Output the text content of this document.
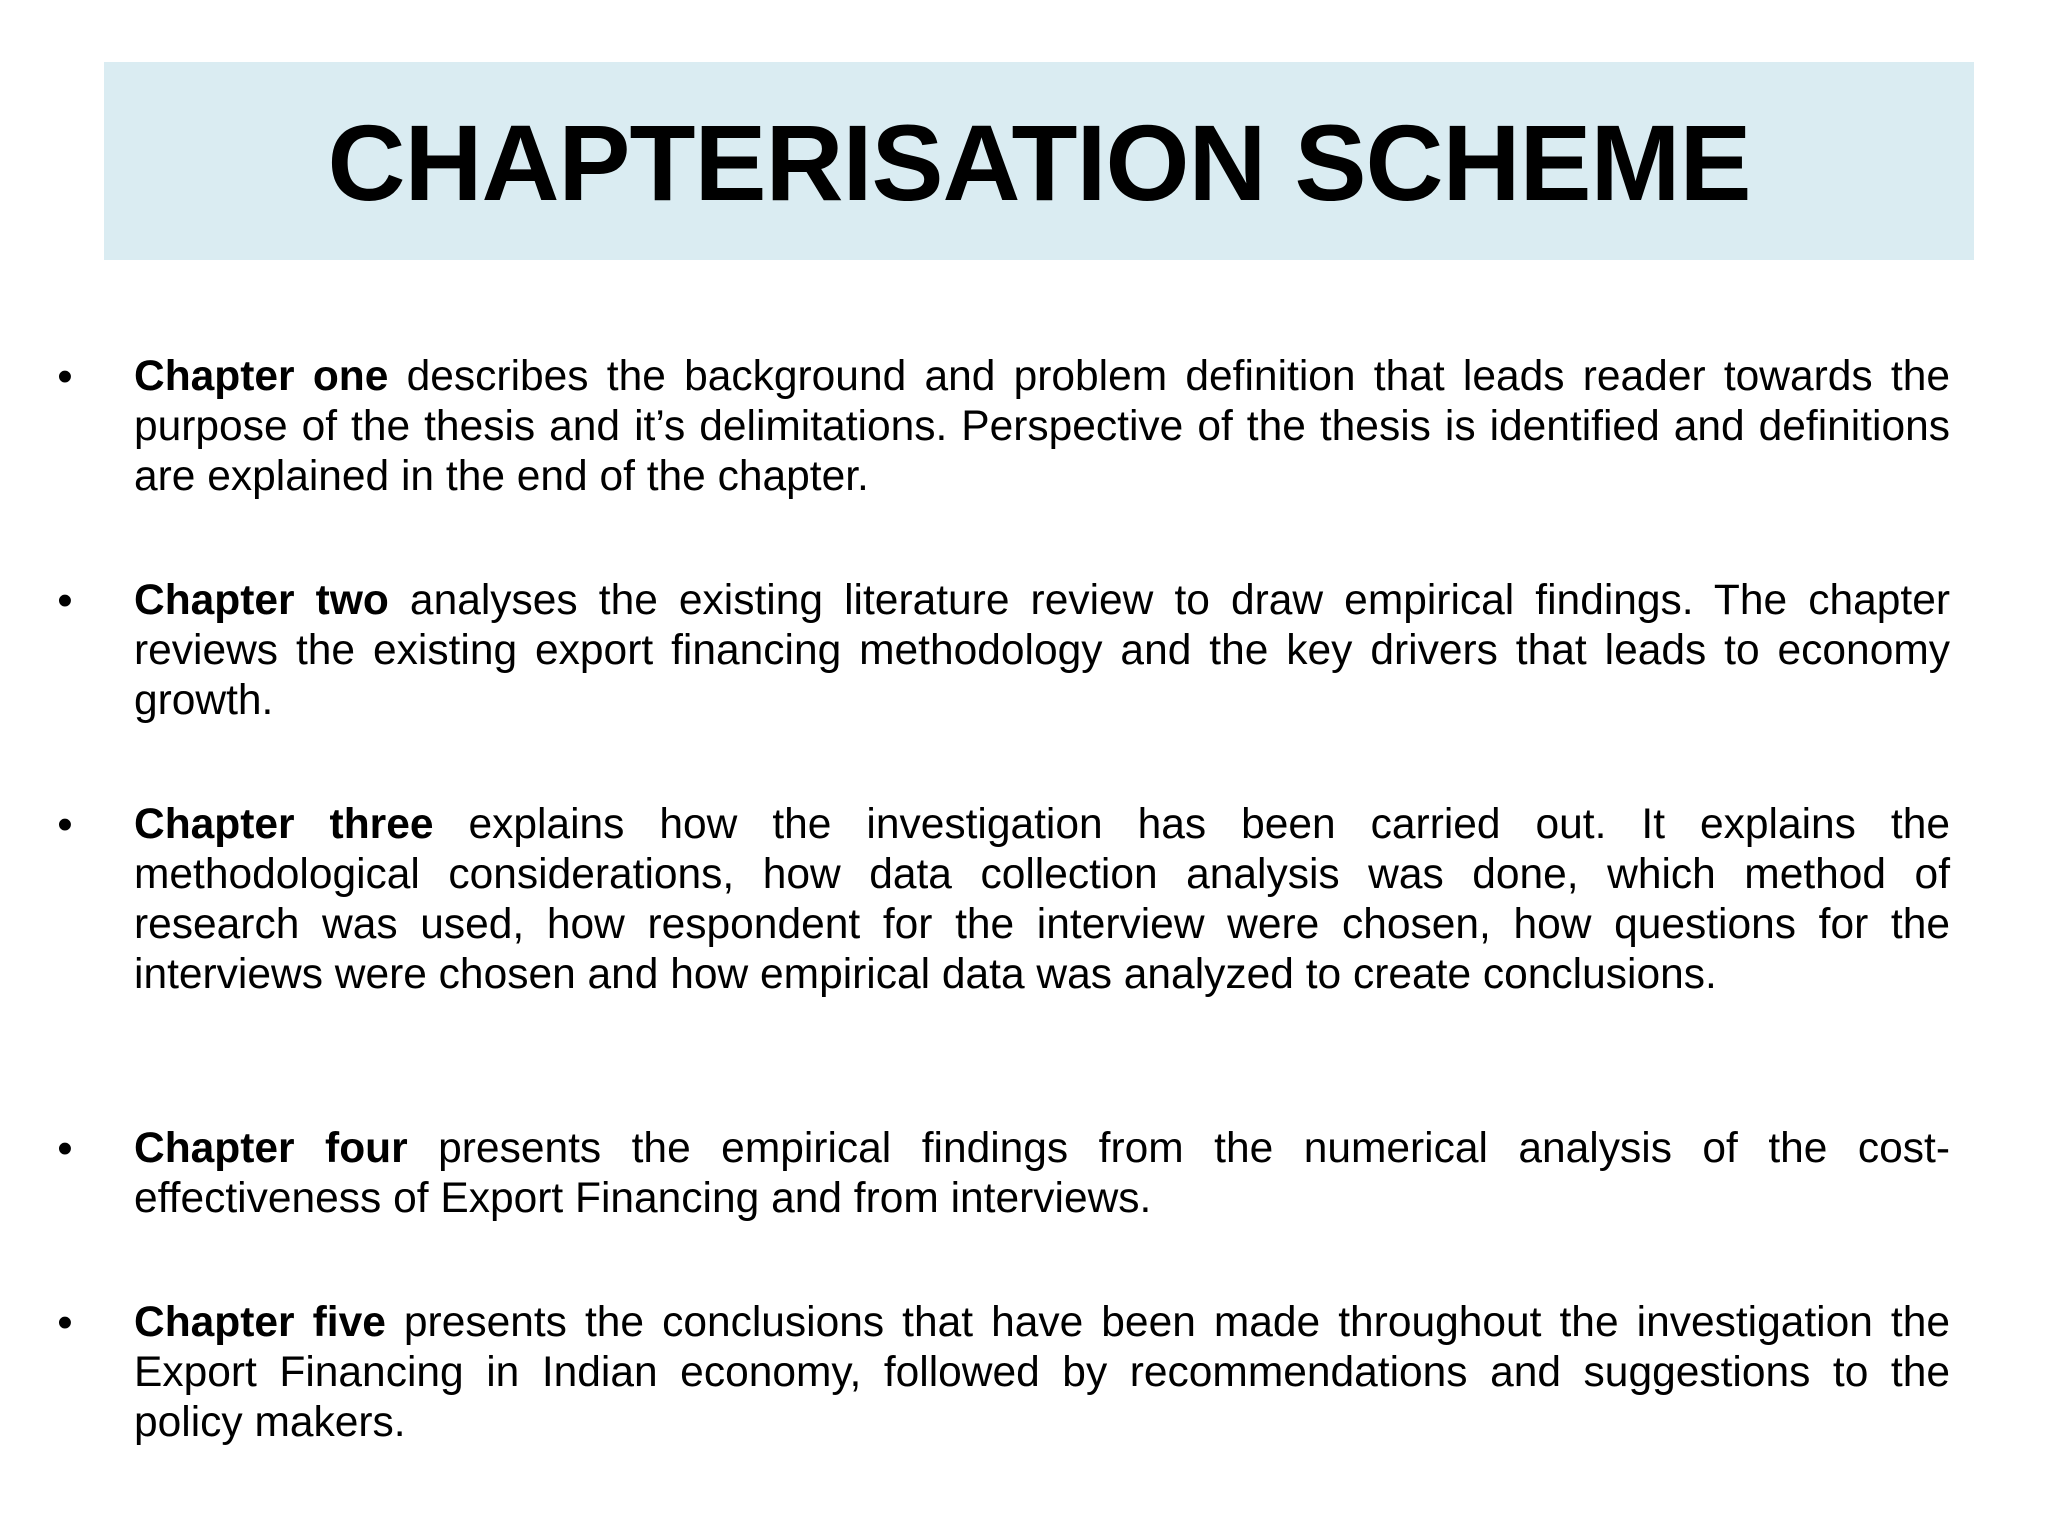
CHAPTERISATION SCHEME
• Chapter one describes the background and problem definition that leads reader towards the purpose of the thesis and it’s delimitations. Perspective of the thesis is identified and definitions are explained in the end of the chapter.

• Chapter two analyses the existing literature review to draw empirical findings. The chapter reviews the existing export financing methodology and the key drivers that leads to economy growth.

• Chapter three explains how the investigation has been carried out. It explains the methodological considerations, how data collection analysis was done, which method of research was used, how respondent for the interview were chosen, how questions for the interviews were chosen and how empirical data was analyzed to create conclusions.

• Chapter four presents the empirical findings from the numerical analysis of the cost-effectiveness of Export Financing and from interviews.

• Chapter five presents the conclusions that have been made throughout the investigation the Export Financing in Indian economy, followed by recommendations and suggestions to the policy makers.
